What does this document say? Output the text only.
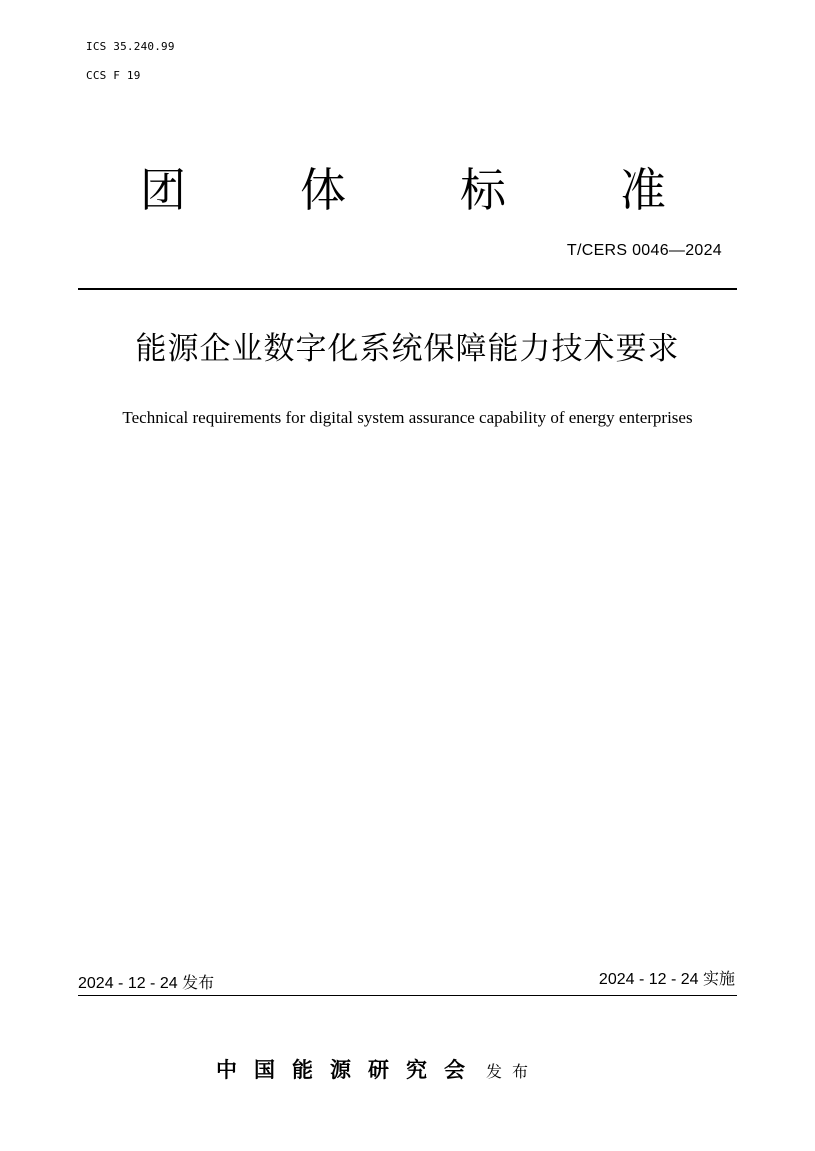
ICS 35.240.99
CCS F 19
团 体 标 准
T/CERS 0046—2024
能源企业数字化系统保障能力技术要求
Technical requirements for digital system assurance capability of energy enterprises
2024 - 12 - 24 发布	2024 - 12 - 24 实施
中国能源研究会 发布
